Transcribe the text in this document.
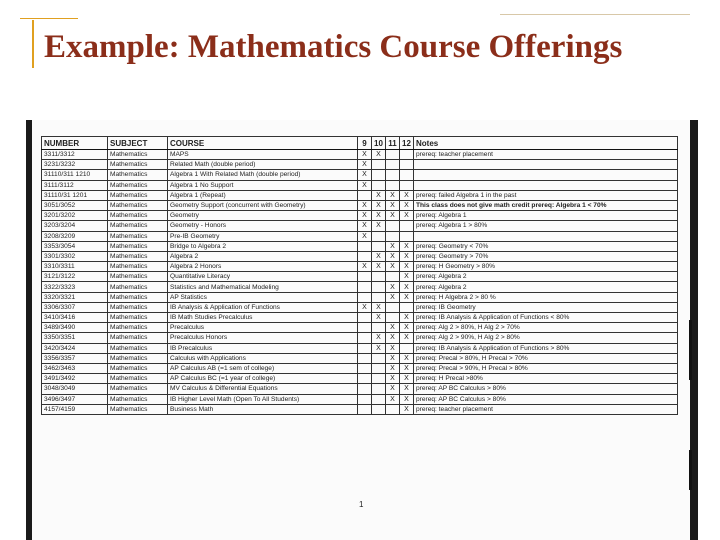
Example: Mathematics Course Offerings
NUMBER	SUBJECT	COURSE	9	10	11	12	Notes
3311/3312	Mathematics	MAPS	X	X			prereq: teacher placement
3231/3232	Mathematics	Related Math (double period)	X				
31110/311 1210	Mathematics	Algebra 1 With Related Math (double period)	X				
3111/3112	Mathematics	Algebra 1 No Support	X				
31110/31 1201	Mathematics	Algebra 1 (Repeat)		X	X	X	prereq: failed Algebra 1 in the past
3051/3052	Mathematics	Geometry Support (concurrent with Geometry)	X	X	X	X	This class does not give math credit prereq: Algebra 1 < 70%
3201/3202	Mathematics	Geometry	X	X	X	X	prereq: Algebra 1
3203/3204	Mathematics	Geometry - Honors	X	X			prereq: Algebra 1 > 80%
3208/3209	Mathematics	Pre-IB Geometry	X				
3353/3054	Mathematics	Bridge to Algebra 2			X	X	prereq: Geometry < 70%
3301/3302	Mathematics	Algebra 2		X	X	X	prereq: Geometry > 70%
3310/3311	Mathematics	Algebra 2 Honors	X	X	X	X	prereq: H Geometry > 80%
3121/3122	Mathematics	Quantitative Literacy				X	prereq: Algebra 2
3322/3323	Mathematics	Statistics and Mathematical Modeling			X	X	prereq: Algebra 2
3320/3321	Mathematics	AP Statistics			X	X	prereq: H Algebra 2 > 80 %
3306/3307	Mathematics	IB Analysis & Application of Functions	X	X			prereq: IB Geometry
3410/3416	Mathematics	IB Math Studies Precalculus		X		X	prereq: IB Analysis & Application of Functions < 80%
3489/3490	Mathematics	Precalculus			X	X	prereq: Alg 2 > 80%, H Alg 2 > 70%
3350/3351	Mathematics	Precalculus Honors		X	X	X	prereq: Alg 2 > 90%, H Alg 2 > 80%
3420/3424	Mathematics	IB Precalculus		X	X		prereq: IB Analysis & Application of Functions > 80%
3356/3357	Mathematics	Calculus with Applications			X	X	prereq: Precal > 80%, H Precal > 70%
3462/3463	Mathematics	AP Calculus AB (=1 sem of college)			X	X	prereq: Precal > 90%, H Precal > 80%
3491/3492	Mathematics	AP Calculus BC (=1 year of college)			X	X	prereq: H Precal >80%
3048/3049	Mathematics	MV Calculus & Differential Equations			X	X	prereq: AP BC Calculus > 80%
3496/3497	Mathematics	IB Higher Level Math (Open To All Students)			X	X	prereq: AP BC Calculus > 80%
4157/4159	Mathematics	Business Math				X	prereq: teacher placement
1
